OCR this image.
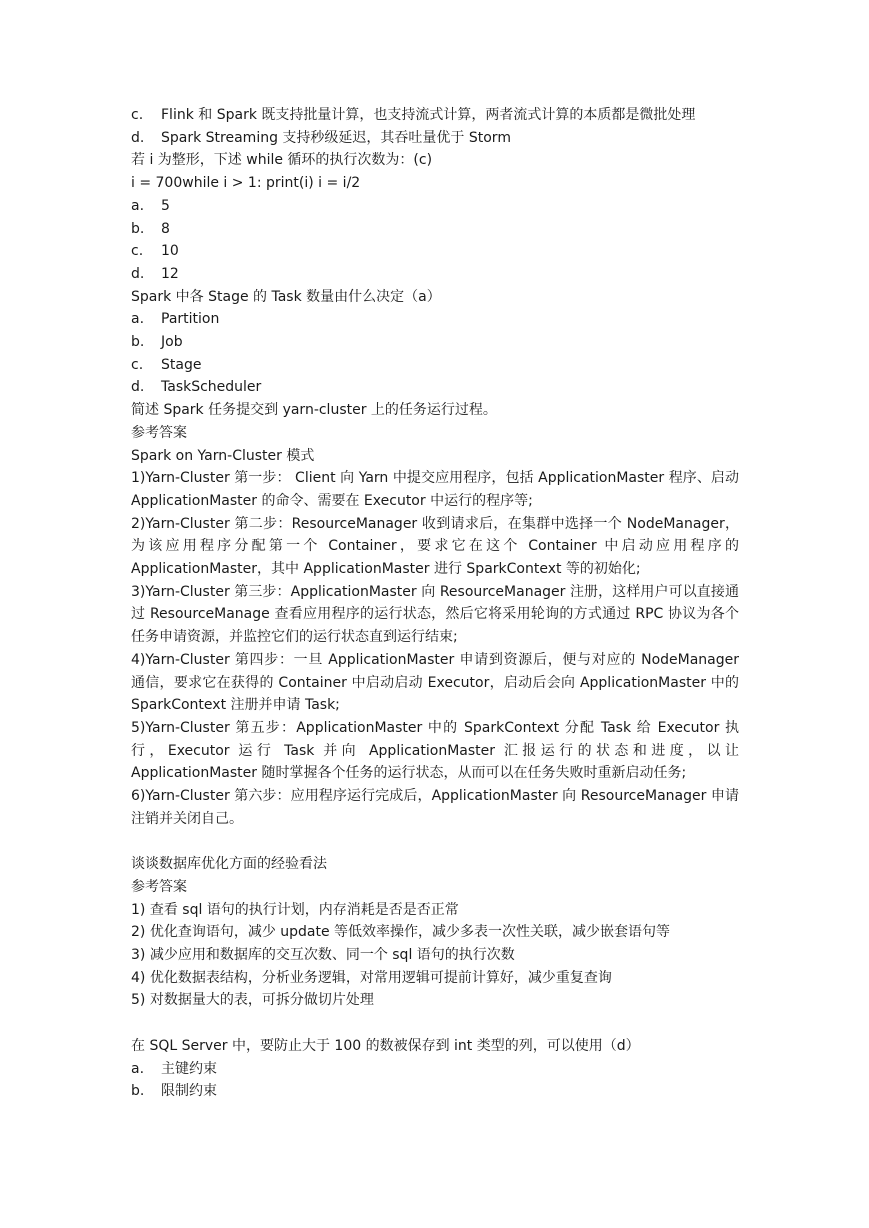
c.	Flink 和 Spark 既支持批量计算，也支持流式计算，两者流式计算的本质都是微批处理
d.	Spark Streaming 支持秒级延迟，其吞吐量优于 Storm
若 i 为整形，下述 while 循环的执行次数为：(c)
i = 700while i > 1: print(i) i = i/2
a.	5
b.	8
c.	10
d.	12
Spark 中各 Stage 的 Task 数量由什么决定（a）
a.	Partition
b.	Job
c.	Stage
d.	TaskScheduler
简述 Spark 任务提交到 yarn-cluster 上的任务运行过程。
参考答案
Spark on Yarn-Cluster 模式
1)Yarn-Cluster 第一步： Client 向 Yarn 中提交应用程序，包括 ApplicationMaster 程序、启动 ApplicationMaster 的命令、需要在 Executor 中运行的程序等;
2)Yarn-Cluster 第二步：ResourceManager 收到请求后，在集群中选择一个 NodeManager，为该应用程序分配第一个 Container，要求它在这个 Container 中启动应用程序的 ApplicationMaster，其中 ApplicationMaster 进行 SparkContext 等的初始化;
3)Yarn-Cluster 第三步：ApplicationMaster 向 ResourceManager 注册，这样用户可以直接通过 ResourceManage 查看应用程序的运行状态，然后它将采用轮询的方式通过 RPC 协议为各个任务申请资源，并监控它们的运行状态直到运行结束;
4)Yarn-Cluster 第四步：一旦 ApplicationMaster 申请到资源后，便与对应的 NodeManager 通信，要求它在获得的 Container 中启动启动 Executor，启动后会向 ApplicationMaster 中的 SparkContext 注册并申请 Task;
5)Yarn-Cluster 第五步：ApplicationMaster 中的 SparkContext 分配 Task 给 Executor 执行，Executor 运行 Task 并向 ApplicationMaster 汇报运行的状态和进度，以让 ApplicationMaster 随时掌握各个任务的运行状态，从而可以在任务失败时重新启动任务;
6)Yarn-Cluster 第六步：应用程序运行完成后，ApplicationMaster 向 ResourceManager 申请注销并关闭自己。
谈谈数据库优化方面的经验看法
参考答案
1) 查看 sql 语句的执行计划，内存消耗是否是否正常
2) 优化查询语句，减少 update 等低效率操作，减少多表一次性关联，减少嵌套语句等
3) 减少应用和数据库的交互次数、同一个 sql 语句的执行次数
4) 优化数据表结构，分析业务逻辑，对常用逻辑可提前计算好，减少重复查询
5) 对数据量大的表，可拆分做切片处理
在 SQL Server 中，要防止大于 100 的数被保存到 int 类型的列，可以使用（d）
a.	主键约束
b.	限制约束
